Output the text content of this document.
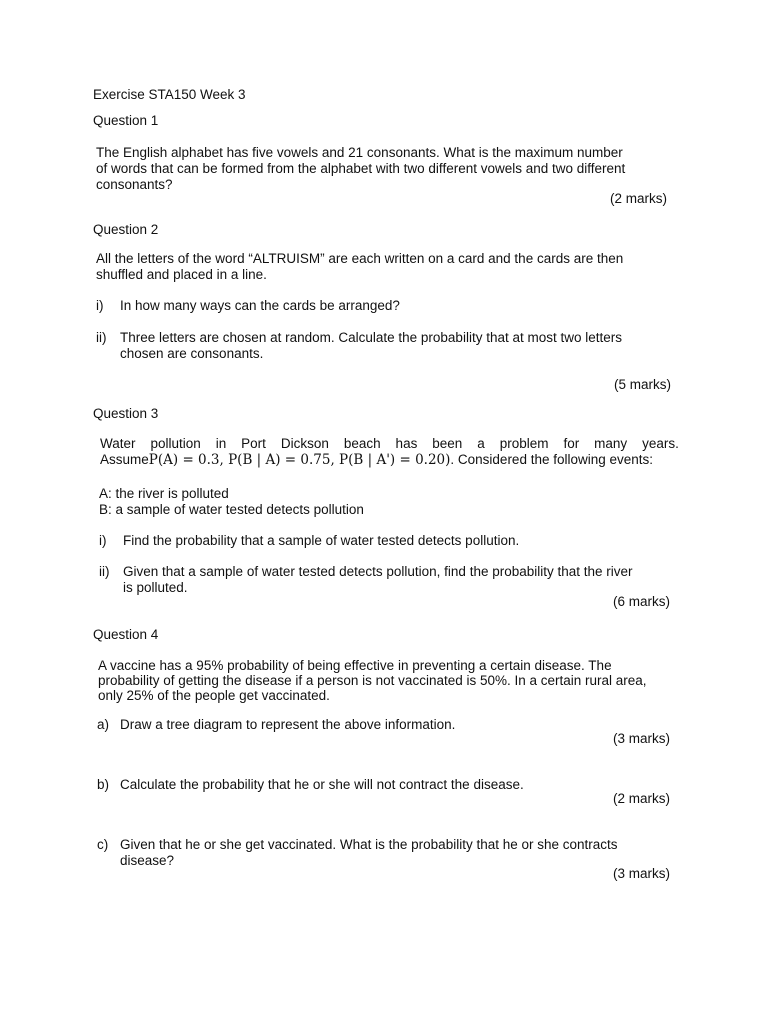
Exercise STA150 Week 3
Question 1
The English alphabet has five vowels and 21 consonants. What is the maximum number
of words that can be formed from the alphabet with two different vowels and two different
consonants?
(2 marks)
Question 2
All the letters of the word “ALTRUISM” are each written on a card and the cards are then
shuffled and placed in a line.
i) In how many ways can the cards be arranged?
ii) Three letters are chosen at random. Calculate the probability that at most two letters
chosen are consonants.
(5 marks)
Question 3
Water pollution in Port Dickson beach has been a problem for many years.
AssumeP(A) = 0.3, P(B | A) = 0.75, P(B | A') = 0.20). Considered the following events:
A: the river is polluted
B: a sample of water tested detects pollution
i) Find the probability that a sample of water tested detects pollution.
ii) Given that a sample of water tested detects pollution, find the probability that the river
is polluted.
(6 marks)
Question 4
A vaccine has a 95% probability of being effective in preventing a certain disease. The
probability of getting the disease if a person is not vaccinated is 50%. In a certain rural area,
only 25% of the people get vaccinated.
a) Draw a tree diagram to represent the above information.
(3 marks)
b) Calculate the probability that he or she will not contract the disease.
(2 marks)
c) Given that he or she get vaccinated. What is the probability that he or she contracts
disease?
(3 marks)
